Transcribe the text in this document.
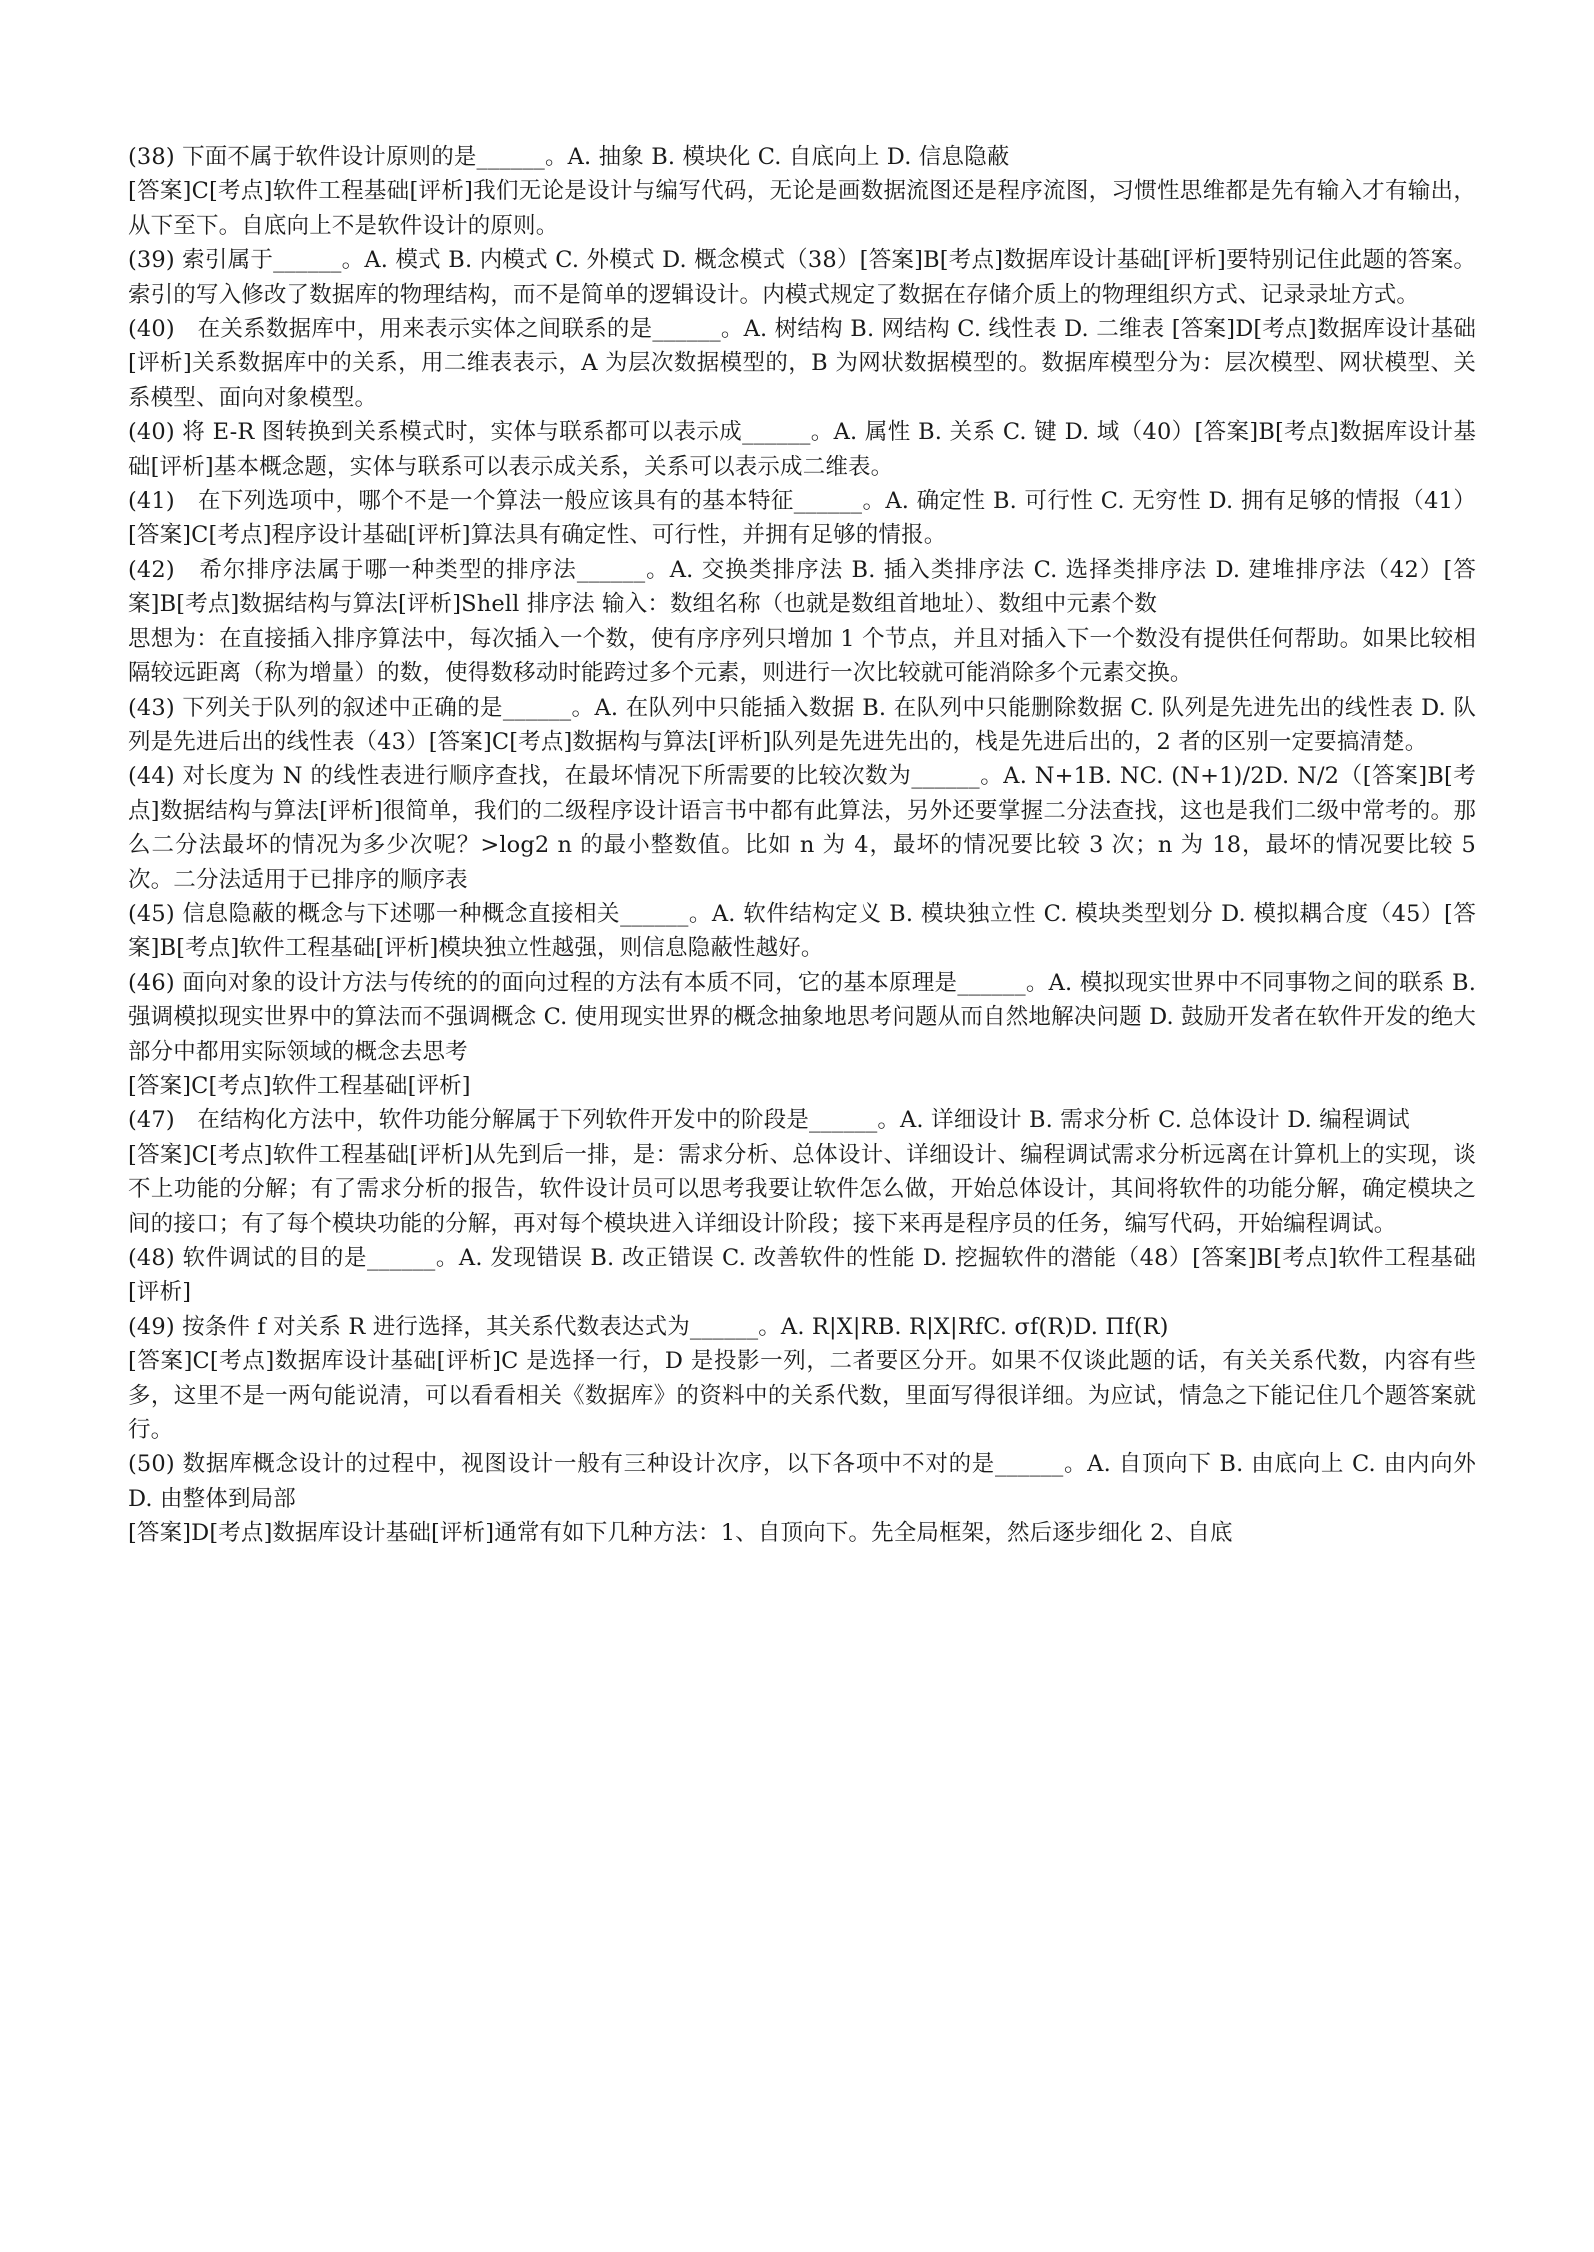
(38) 下面不属于软件设计原则的是______。A. 抽象 B. 模块化 C. 自底向上 D. 信息隐蔽

[答案]C[考点]软件工程基础[评析]我们无论是设计与编写代码，无论是画数据流图还是程序流图，习惯性思维都是先有输入才有输出，从下至下。自底向上不是软件设计的原则。

(39) 索引属于______。A. 模式 B. 内模式 C. 外模式 D. 概念模式（38）[答案]B[考点]数据库设计基础[评析]要特别记住此题的答案。索引的写入修改了数据库的物理结构，而不是简单的逻辑设计。内模式规定了数据在存储介质上的物理组织方式、记录录址方式。

(40)　在关系数据库中，用来表示实体之间联系的是______。A. 树结构 B. 网结构 C. 线性表 D. 二维表 [答案]D[考点]数据库设计基础[评析]关系数据库中的关系，用二维表表示，A 为层次数据模型的，B 为网状数据模型的。数据库模型分为：层次模型、网状模型、关系模型、面向对象模型。

(40) 将 E-R 图转换到关系模式时，实体与联系都可以表示成______。A. 属性 B. 关系 C. 键 D. 域（40）[答案]B[考点]数据库设计基础[评析]基本概念题，实体与联系可以表示成关系，关系可以表示成二维表。

(41)　在下列选项中，哪个不是一个算法一般应该具有的基本特征______。A. 确定性 B. 可行性 C. 无穷性 D. 拥有足够的情报（41）[答案]C[考点]程序设计基础[评析]算法具有确定性、可行性，并拥有足够的情报。

(42)　希尔排序法属于哪一种类型的排序法______。A. 交换类排序法 B. 插入类排序法 C. 选择类排序法 D. 建堆排序法（42）[答案]B[考点]数据结构与算法[评析]Shell 排序法 输入：数组名称（也就是数组首地址）、数组中元素个数

思想为：在直接插入排序算法中，每次插入一个数，使有序序列只增加 1 个节点，并且对插入下一个数没有提供任何帮助。如果比较相隔较远距离（称为增量）的数，使得数移动时能跨过多个元素，则进行一次比较就可能消除多个元素交换。

(43) 下列关于队列的叙述中正确的是______。A. 在队列中只能插入数据 B. 在队列中只能删除数据 C. 队列是先进先出的线性表 D. 队列是先进后出的线性表（43）[答案]C[考点]数据构与算法[评析]队列是先进先出的，栈是先进后出的，2 者的区别一定要搞清楚。

(44) 对长度为 N 的线性表进行顺序查找，在最坏情况下所需要的比较次数为______。A. N+1B. NC. (N+1)/2D. N/2（[答案]B[考点]数据结构与算法[评析]很简单，我们的二级程序设计语言书中都有此算法，另外还要掌握二分法查找，这也是我们二级中常考的。那么二分法最坏的情况为多少次呢？>log2 n 的最小整数值。比如 n 为 4，最坏的情况要比较 3 次；n 为 18，最坏的情况要比较 5 次。二分法适用于已排序的顺序表

(45) 信息隐蔽的概念与下述哪一种概念直接相关______。A. 软件结构定义 B. 模块独立性 C. 模块类型划分 D. 模拟耦合度（45）[答案]B[考点]软件工程基础[评析]模块独立性越强，则信息隐蔽性越好。

(46) 面向对象的设计方法与传统的的面向过程的方法有本质不同，它的基本原理是______。A. 模拟现实世界中不同事物之间的联系 B. 强调模拟现实世界中的算法而不强调概念 C. 使用现实世界的概念抽象地思考问题从而自然地解决问题 D. 鼓励开发者在软件开发的绝大部分中都用实际领域的概念去思考

[答案]C[考点]软件工程基础[评析]

(47)　在结构化方法中，软件功能分解属于下列软件开发中的阶段是______。A. 详细设计 B. 需求分析 C. 总体设计 D. 编程调试

[答案]C[考点]软件工程基础[评析]从先到后一排，是：需求分析、总体设计、详细设计、编程调试需求分析远离在计算机上的实现，谈不上功能的分解；有了需求分析的报告，软件设计员可以思考我要让软件怎么做，开始总体设计，其间将软件的功能分解，确定模块之间的接口；有了每个模块功能的分解，再对每个模块进入详细设计阶段；接下来再是程序员的任务，编写代码，开始编程调试。

(48) 软件调试的目的是______。A. 发现错误 B. 改正错误 C. 改善软件的性能 D. 挖掘软件的潜能（48）[答案]B[考点]软件工程基础[评析]

(49) 按条件 f 对关系 R 进行选择，其关系代数表达式为______。A. R|X|RB. R|X|RfC. σf(R)D. Пf(R)

[答案]C[考点]数据库设计基础[评析]C 是选择一行，D 是投影一列，二者要区分开。如果不仅谈此题的话，有关关系代数，内容有些多，这里不是一两句能说清，可以看看相关《数据库》的资料中的关系代数，里面写得很详细。为应试，情急之下能记住几个题答案就行。

(50) 数据库概念设计的过程中，视图设计一般有三种设计次序，以下各项中不对的是______。A. 自顶向下 B. 由底向上 C. 由内向外 D. 由整体到局部

[答案]D[考点]数据库设计基础[评析]通常有如下几种方法：1、自顶向下。先全局框架，然后逐步细化 2、自底
